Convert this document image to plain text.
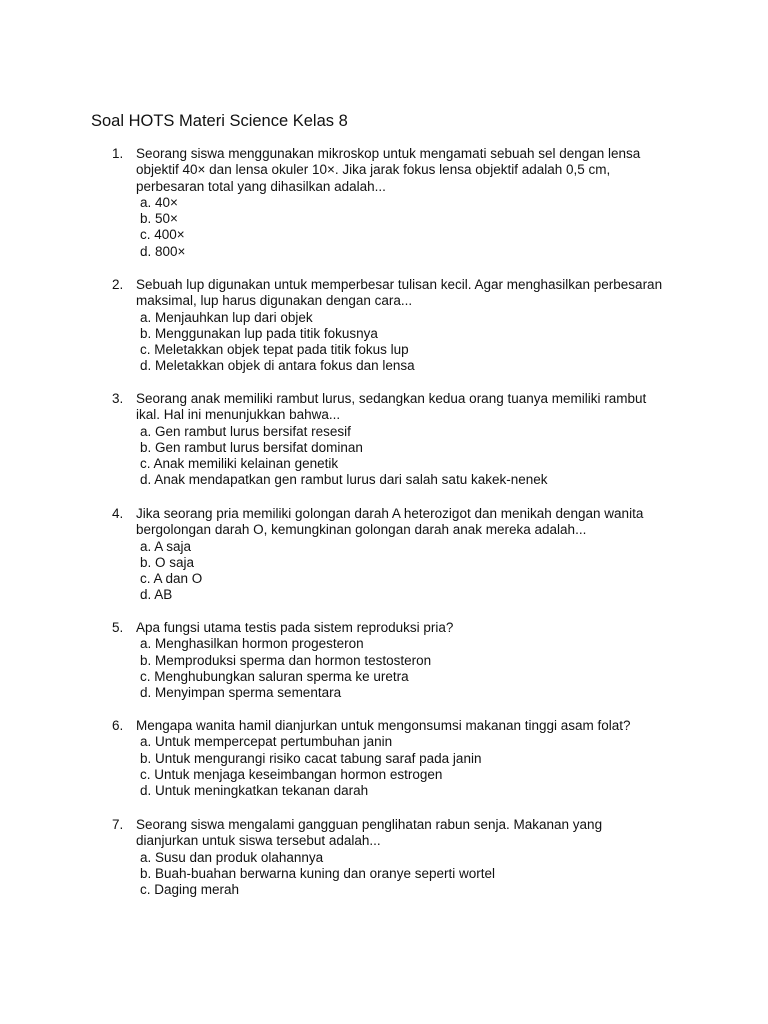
Soal HOTS Materi Science Kelas 8
1. Seorang siswa menggunakan mikroskop untuk mengamati sebuah sel dengan lensa
objektif 40× dan lensa okuler 10×. Jika jarak fokus lensa objektif adalah 0,5 cm,
perbesaran total yang dihasilkan adalah...
a. 40×
b. 50×
c. 400×
d. 800×
2. Sebuah lup digunakan untuk memperbesar tulisan kecil. Agar menghasilkan perbesaran
maksimal, lup harus digunakan dengan cara...
a. Menjauhkan lup dari objek
b. Menggunakan lup pada titik fokusnya
c. Meletakkan objek tepat pada titik fokus lup
d. Meletakkan objek di antara fokus dan lensa
3. Seorang anak memiliki rambut lurus, sedangkan kedua orang tuanya memiliki rambut
ikal. Hal ini menunjukkan bahwa...
a. Gen rambut lurus bersifat resesif
b. Gen rambut lurus bersifat dominan
c. Anak memiliki kelainan genetik
d. Anak mendapatkan gen rambut lurus dari salah satu kakek-nenek
4. Jika seorang pria memiliki golongan darah A heterozigot dan menikah dengan wanita
bergolongan darah O, kemungkinan golongan darah anak mereka adalah...
a. A saja
b. O saja
c. A dan O
d. AB
5. Apa fungsi utama testis pada sistem reproduksi pria?
a. Menghasilkan hormon progesteron
b. Memproduksi sperma dan hormon testosteron
c. Menghubungkan saluran sperma ke uretra
d. Menyimpan sperma sementara
6. Mengapa wanita hamil dianjurkan untuk mengonsumsi makanan tinggi asam folat?
a. Untuk mempercepat pertumbuhan janin
b. Untuk mengurangi risiko cacat tabung saraf pada janin
c. Untuk menjaga keseimbangan hormon estrogen
d. Untuk meningkatkan tekanan darah
7. Seorang siswa mengalami gangguan penglihatan rabun senja. Makanan yang
dianjurkan untuk siswa tersebut adalah...
a. Susu dan produk olahannya
b. Buah-buahan berwarna kuning dan oranye seperti wortel
c. Daging merah
